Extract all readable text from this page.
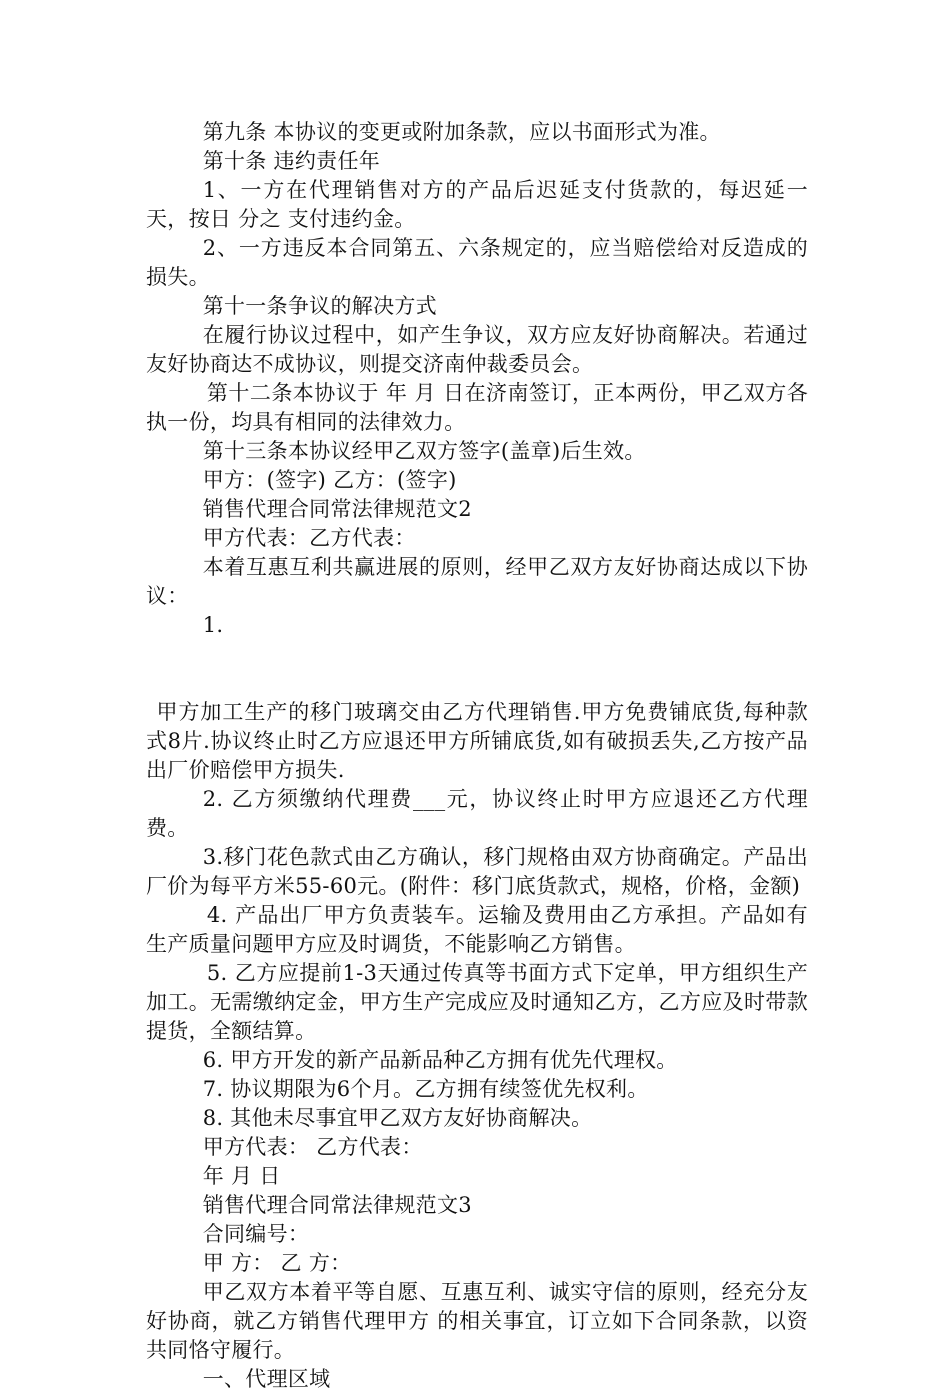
第九条 本协议的变更或附加条款，应以书面形式为准。

第十条 违约责任年

1、一方在代理销售对方的产品后迟延支付货款的，每迟延一天，按日 分之 支付违约金。

2、一方违反本合同第五、六条规定的，应当赔偿给对反造成的损失。

第十一条争议的解决方式

在履行协议过程中，如产生争议，双方应友好协商解决。若通过友好协商达不成协议，则提交济南仲裁委员会。

第十二条本协议于 年 月 日在济南签订，正本两份，甲乙双方各执一份，均具有相同的法律效力。

第十三条本协议经甲乙双方签字(盖章)后生效。

甲方：(签字) 乙方：(签字)

销售代理合同常法律规范文2

甲方代表：乙方代表：

本着互惠互利共赢进展的原则，经甲乙双方友好协商达成以下协议：

1.

甲方加工生产的移门玻璃交由乙方代理销售.甲方免费铺底货,每种款式8片.协议终止时乙方应退还甲方所铺底货,如有破损丢失,乙方按产品出厂价赔偿甲方损失.

2. 乙方须缴纳代理费___元，协议终止时甲方应退还乙方代理费。

3.移门花色款式由乙方确认，移门规格由双方协商确定。产品出厂价为每平方米55-60元。(附件：移门底货款式，规格，价格，金额)

4. 产品出厂甲方负责装车。运输及费用由乙方承担。产品如有生产质量问题甲方应及时调货，不能影响乙方销售。

5. 乙方应提前1-3天通过传真等书面方式下定单，甲方组织生产加工。无需缴纳定金，甲方生产完成应及时通知乙方，乙方应及时带款提货，全额结算。

6. 甲方开发的新产品新品种乙方拥有优先代理权。

7. 协议期限为6个月。乙方拥有续签优先权利。

8. 其他未尽事宜甲乙双方友好协商解决。

甲方代表： 乙方代表：

年 月 日

销售代理合同常法律规范文3

合同编号：

甲 方： 乙 方：

甲乙双方本着平等自愿、互惠互利、诚实守信的原则，经充分友好协商，就乙方销售代理甲方 的相关事宜，订立如下合同条款，以资共同恪守履行。

一、代理区域
